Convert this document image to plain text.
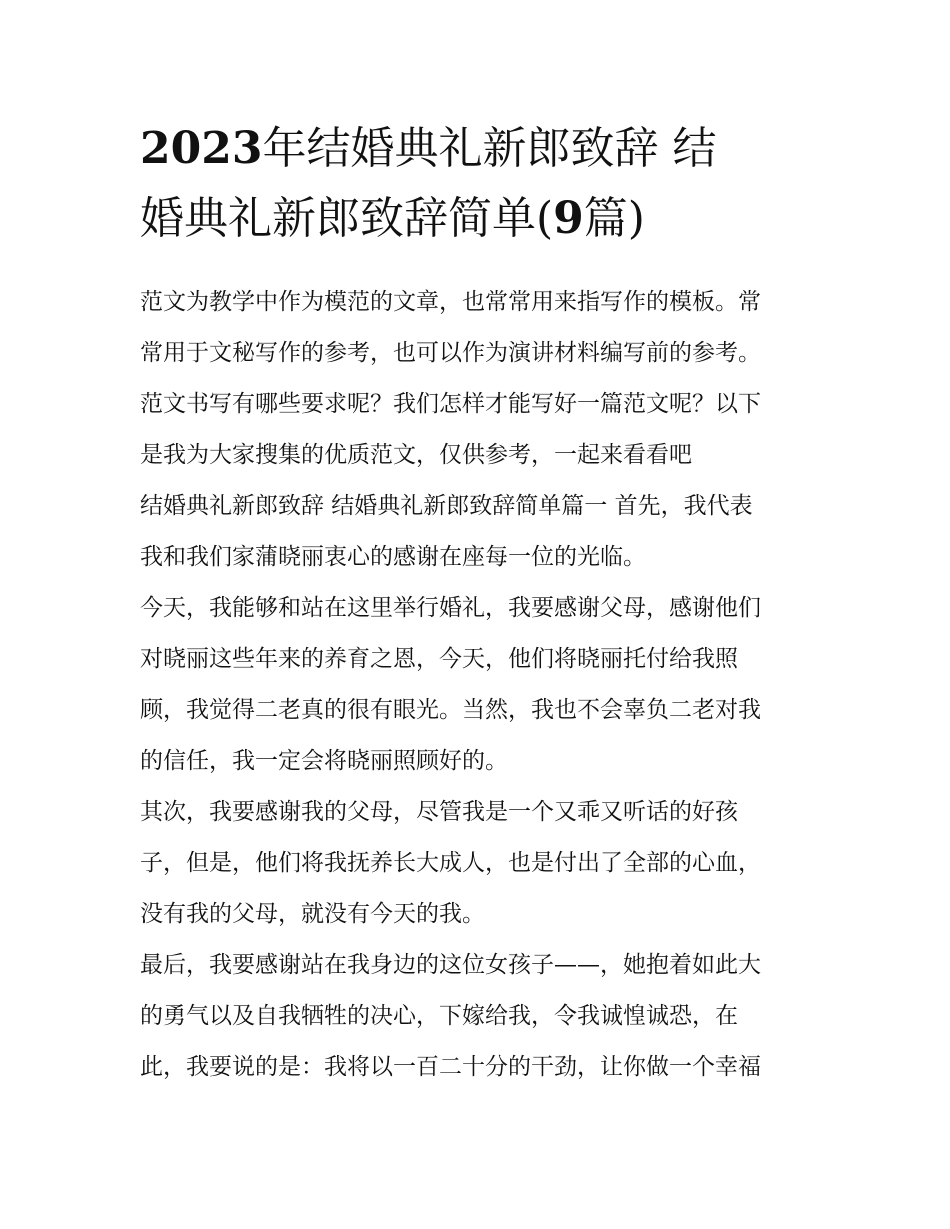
2023年结婚典礼新郎致辞 结
婚典礼新郎致辞简单(9篇)
范文为教学中作为模范的文章，也常常用来指写作的模板。常
常用于文秘写作的参考，也可以作为演讲材料编写前的参考。
范文书写有哪些要求呢？我们怎样才能写好一篇范文呢？以下
是我为大家搜集的优质范文，仅供参考，一起来看看吧
结婚典礼新郎致辞 结婚典礼新郎致辞简单篇一 首先，我代表
我和我们家蒲晓丽衷心的感谢在座每一位的光临。
今天，我能够和站在这里举行婚礼，我要感谢父母，感谢他们
对晓丽这些年来的养育之恩，今天，他们将晓丽托付给我照
顾，我觉得二老真的很有眼光。当然，我也不会辜负二老对我
的信任，我一定会将晓丽照顾好的。
其次，我要感谢我的父母，尽管我是一个又乖又听话的好孩
子，但是，他们将我抚养长大成人，也是付出了全部的心血，
没有我的父母，就没有今天的我。
最后，我要感谢站在我身边的这位女孩子——，她抱着如此大
的勇气以及自我牺牲的决心，下嫁给我，令我诚惶诚恐，在
此，我要说的是：我将以一百二十分的干劲，让你做一个幸福
